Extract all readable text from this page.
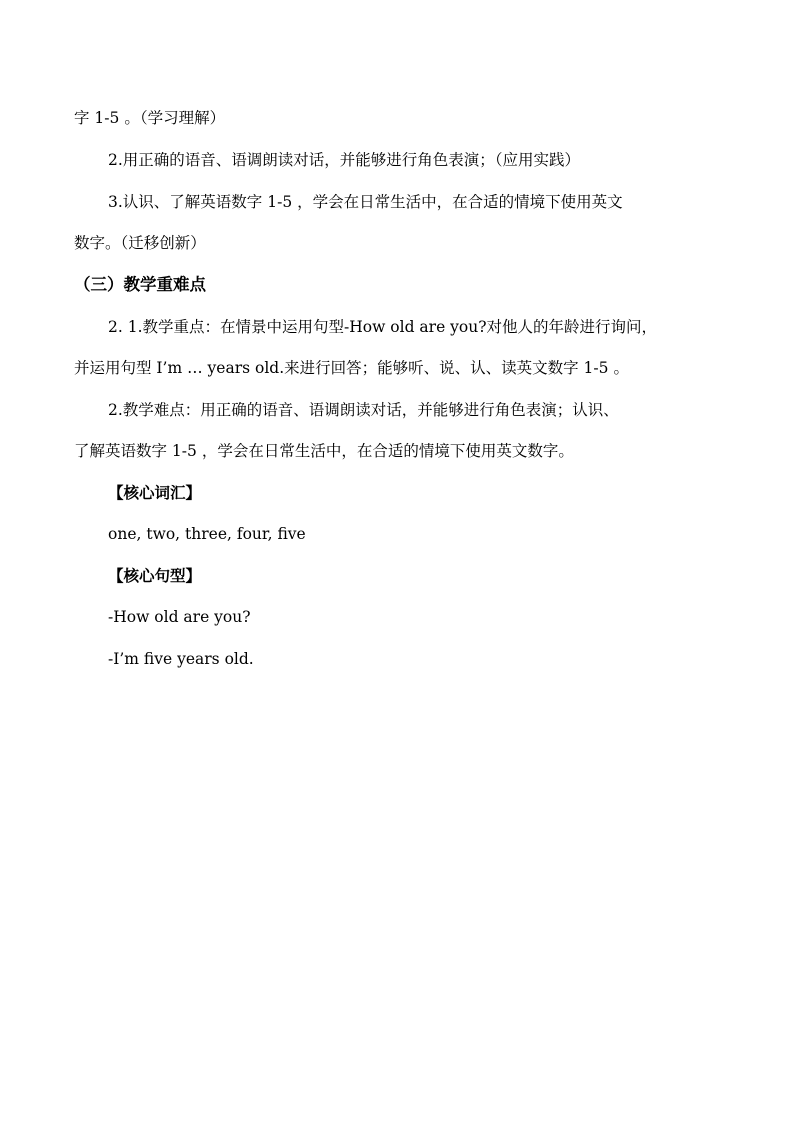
字 1-5 。（学习理解）
2.用正确的语音、语调朗读对话，并能够进行角色表演；（应用实践）
3.认识、了解英语数字 1-5 ，学会在日常生活中，在合适的情境下使用英文
数字。（迁移创新）
（三）教学重难点
2. 1.教学重点：在情景中运用句型-How old are you?对他人的年龄进行询问，
并运用句型 I’m … years old.来进行回答；能够听、说、认、读英文数字 1-5 。
2.教学难点：用正确的语音、语调朗读对话，并能够进行角色表演；认识、
了解英语数字 1-5 ，学会在日常生活中，在合适的情境下使用英文数字。
【核心词汇】
one, two, three, four, five
【核心句型】
-How old are you?
-I’m five years old.
